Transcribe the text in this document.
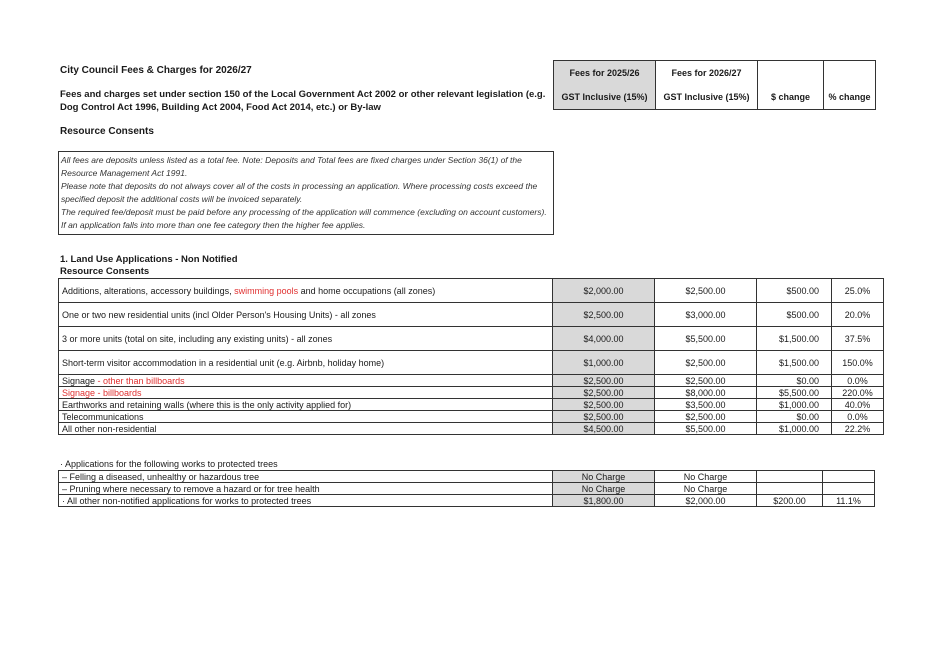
City Council Fees & Charges for 2026/27
Fees and charges set under section 150 of the Local Government Act 2002 or other relevant legislation (e.g. Dog Control Act 1996, Building Act 2004, Food Act 2014, etc.) or By-law
Resource Consents
Fees for 2025/26	Fees for 2026/27		
GST Inclusive (15%)	GST Inclusive (15%)	$ change	% change
All fees are deposits unless listed as a total fee. Note: Deposits and Total fees are fixed charges under Section 36(1) of the Resource Management Act 1991.
Please note that deposits do not always cover all of the costs in processing an application. Where processing costs exceed the specified deposit the additional costs will be invoiced separately.
The required fee/deposit must be paid before any processing of the application will commence (excluding on account customers).
If an application falls into more than one fee category then the higher fee applies.
1. Land Use Applications - Non Notified
Resource Consents
Additions, alterations, accessory buildings, swimming pools and home occupations (all zones)	$2,000.00	$2,500.00	$500.00	25.0%
One or two new residential units (incl Older Person's Housing Units) - all zones	$2,500.00	$3,000.00	$500.00	20.0%
3 or more units (total on site, including any existing units) - all zones	$4,000.00	$5,500.00	$1,500.00	37.5%
Short-term visitor accommodation in a residential unit (e.g. Airbnb, holiday home)	$1,000.00	$2,500.00	$1,500.00	150.0%
Signage - other than billboards	$2,500.00	$2,500.00	$0.00	0.0%
Signage - billboards	$2,500.00	$8,000.00	$5,500.00	220.0%
Earthworks and retaining walls (where this is the only activity applied for)	$2,500.00	$3,500.00	$1,000.00	40.0%
Telecommunications	$2,500.00	$2,500.00	$0.00	0.0%
All other non-residential	$4,500.00	$5,500.00	$1,000.00	22.2%
· Applications for the following works to protected trees
– Felling a diseased, unhealthy or hazardous tree	No Charge	No Charge		
– Pruning where necessary to remove a hazard or for tree health	No Charge	No Charge		
· All other non-notified applications for works to protected trees	$1,800.00	$2,000.00	$200.00	11.1%
